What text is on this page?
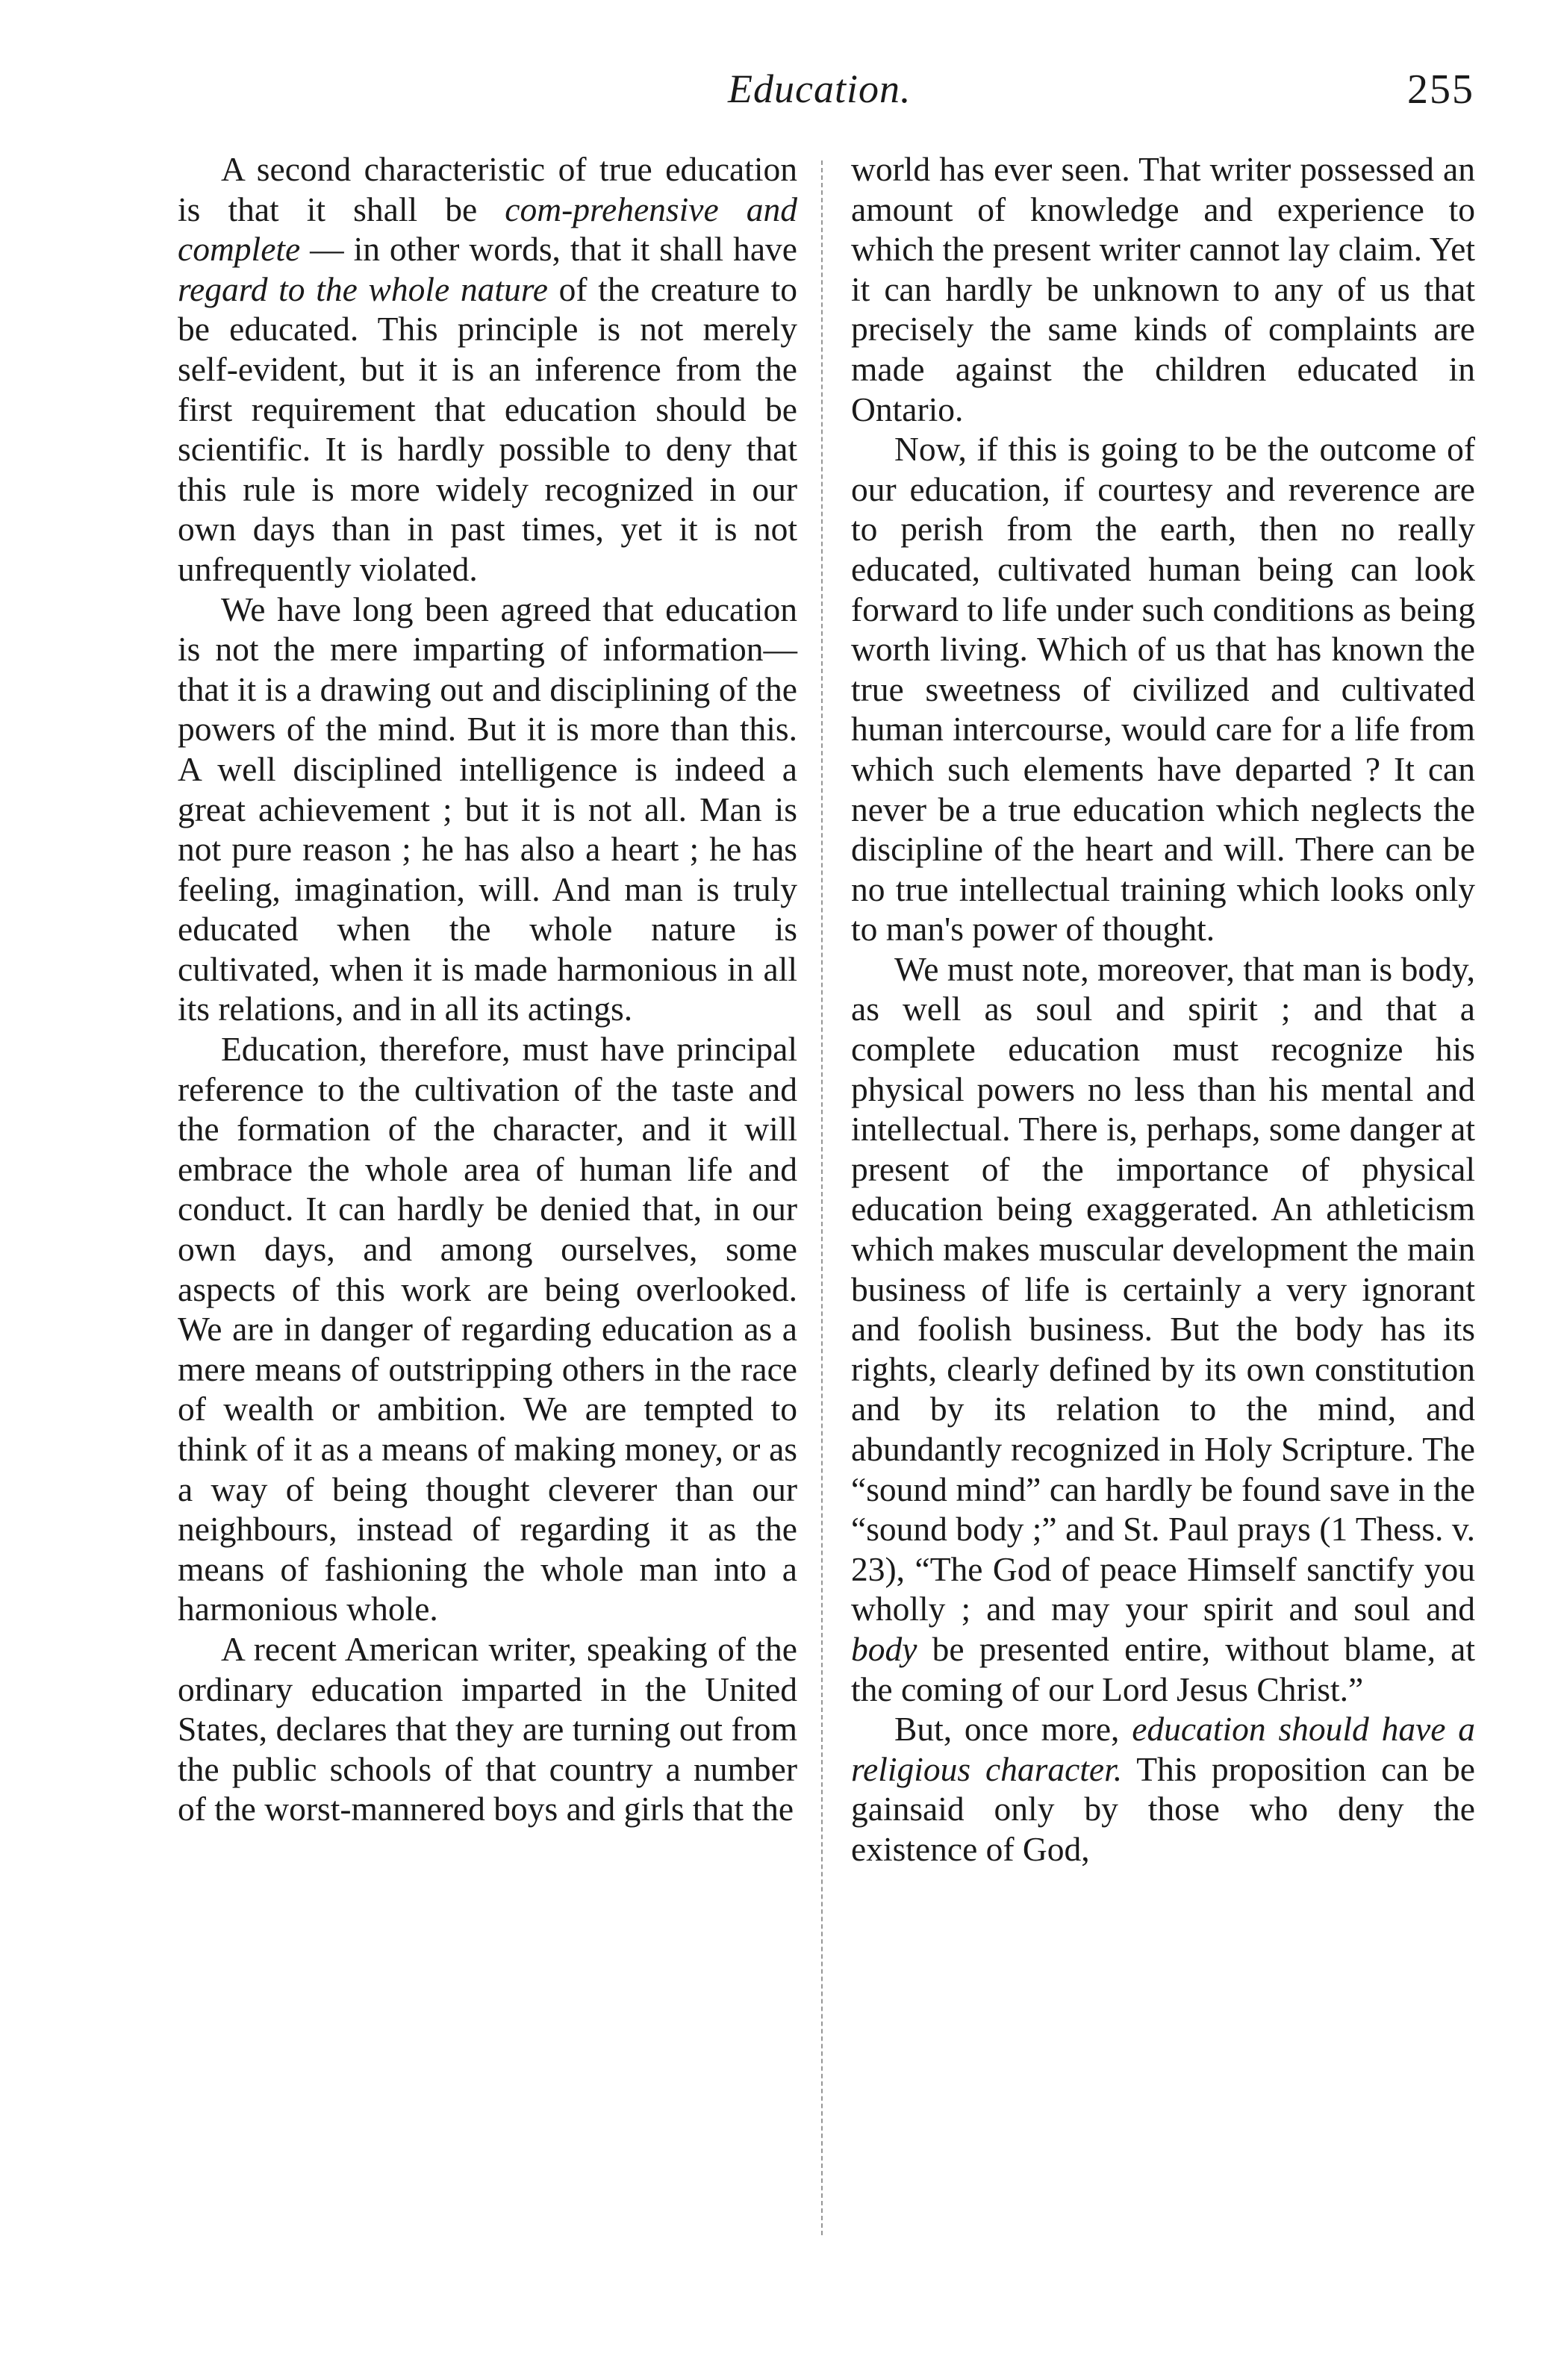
Education.	255

A second characteristic of true education is that it shall be com-prehensive and complete — in other words, that it shall have regard to the whole nature of the creature to be educated. This principle is not merely self-evident, but it is an inference from the first requirement that education should be scientific. It is hardly possible to deny that this rule is more widely recognized in our own days than in past times, yet it is not unfrequently violated.

We have long been agreed that education is not the mere imparting of information—that it is a drawing out and disciplining of the powers of the mind. But it is more than this. A well disciplined intelligence is indeed a great achievement ; but it is not all. Man is not pure reason ; he has also a heart ; he has feeling, imagination, will. And man is truly educated when the whole nature is cultivated, when it is made harmonious in all its relations, and in all its actings.

Education, therefore, must have principal reference to the cultivation of the taste and the formation of the character, and it will embrace the whole area of human life and conduct. It can hardly be denied that, in our own days, and among ourselves, some aspects of this work are being overlooked. We are in danger of regarding education as a mere means of outstripping others in the race of wealth or ambition. We are tempted to think of it as a means of making money, or as a way of being thought cleverer than our neighbours, instead of regarding it as the means of fashioning the whole man into a harmonious whole.

A recent American writer, speaking of the ordinary education imparted in the United States, declares that they are turning out from the public schools of that country a number of the worst-mannered boys and girls that the

world has ever seen. That writer possessed an amount of knowledge and experience to which the present writer cannot lay claim. Yet it can hardly be unknown to any of us that precisely the same kinds of complaints are made against the children educated in Ontario.

Now, if this is going to be the outcome of our education, if courtesy and reverence are to perish from the earth, then no really educated, cultivated human being can look forward to life under such conditions as being worth living. Which of us that has known the true sweetness of civilized and cultivated human intercourse, would care for a life from which such elements have departed ? It can never be a true education which neglects the discipline of the heart and will. There can be no true intellectual training which looks only to man's power of thought.

We must note, moreover, that man is body, as well as soul and spirit ; and that a complete education must recognize his physical powers no less than his mental and intellectual. There is, perhaps, some danger at present of the importance of physical education being exaggerated. An athleticism which makes muscular development the main business of life is certainly a very ignorant and foolish business. But the body has its rights, clearly defined by its own constitution and by its relation to the mind, and abundantly recognized in Holy Scripture. The “sound mind” can hardly be found save in the “sound body ;” and St. Paul prays (1 Thess. v. 23), “The God of peace Himself sanctify you wholly ; and may your spirit and soul and body be presented entire, without blame, at the coming of our Lord Jesus Christ.”

But, once more, education should have a religious character. This proposition can be gainsaid only by those who deny the existence of God,
